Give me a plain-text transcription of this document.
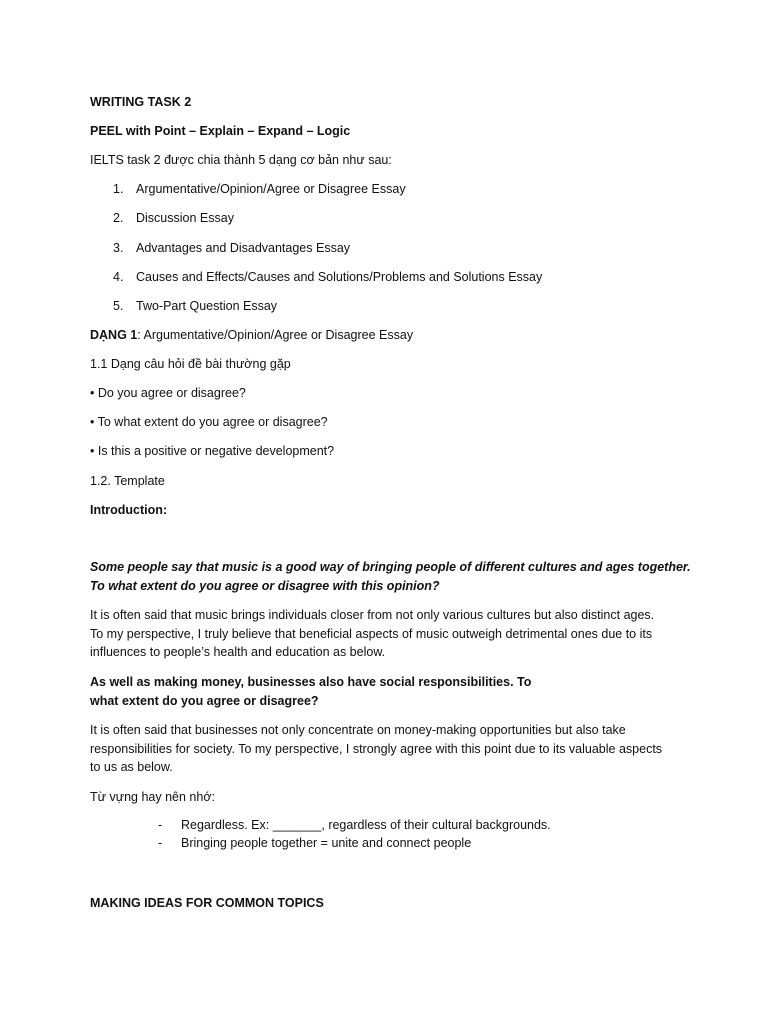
WRITING TASK 2
PEEL with Point – Explain – Expand – Logic
IELTS task 2 được chia thành 5 dạng cơ bản như sau:
1. Argumentative/Opinion/Agree or Disagree Essay
2. Discussion Essay
3. Advantages and Disadvantages Essay
4. Causes and Effects/Causes and Solutions/Problems and Solutions Essay
5. Two-Part Question Essay
DẠNG 1: Argumentative/Opinion/Agree or Disagree Essay
1.1 Dạng câu hỏi đề bài thường gặp
• Do you agree or disagree?
• To what extent do you agree or disagree?
• Is this a positive or negative development?
1.2. Template
Introduction:
Some people say that music is a good way of bringing people of different cultures and ages together.
To what extent do you agree or disagree with this opinion?
It is often said that music brings individuals closer from not only various cultures but also distinct ages.
To my perspective, I truly believe that beneficial aspects of music outweigh detrimental ones due to its
influences to people’s health and education as below.
As well as making money, businesses also have social responsibilities. To
what extent do you agree or disagree?
It is often said that businesses not only concentrate on money-making opportunities but also take
responsibilities for society. To my perspective, I strongly agree with this point due to its valuable aspects
to us as below.
Từ vựng hay nên nhớ:
- Regardless. Ex: _______, regardless of their cultural backgrounds.
- Bringing people together = unite and connect people
MAKING IDEAS FOR COMMON TOPICS
